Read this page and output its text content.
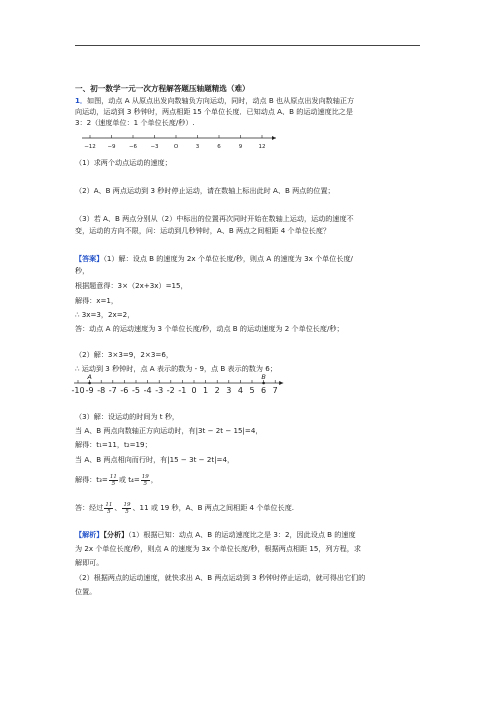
一、初一数学一元一次方程解答题压轴题精选（难）
1．如图，动点 A 从原点出发向数轴负方向运动，同时，动点 B 也从原点出发向数轴正方
向运动，运动到 3 秒钟时，两点相距 15 个单位长度．已知动点 A、B 的运动速度比之是
3：2（速度单位：1 个单位长度/秒）.
−12 −9 −6 −3	O	3	6	9	12
（1）求两个动点运动的速度；
（2）A、B 两点运动到 3 秒时停止运动，请在数轴上标出此时 A、B 两点的位置；
（3）若 A、B 两点分别从（2）中标出的位置再次同时开始在数轴上运动，运动的速度不
变，运动的方向不限，问：运动到几秒钟时，A、B 两点之间相距 4 个单位长度？
【答案】（1）解：设点 B 的速度为 2x 个单位长度/秒，则点 A 的速度为 3x 个单位长度/
秒，
根据题意得：3×（2x+3x）=15，
解得：x=1，
∴ 3x=3，2x=2，
答：动点 A 的运动速度为 3 个单位长度/秒，动点 B 的运动速度为 2 个单位长度/秒；
（2）解：3×3=9，2×3=6，
∴ 运动到 3 秒钟时，点 A 表示的数为 - 9，点 B 表示的数为 6；
-10 -9 -8 -7 -6 -5 -4 -3 -2 -1 0 1 2 3 4 5 6 7
A	B
（3）解：设运动的时间为 t 秒，
当 A、B 两点向数轴正方向运动时，有|3t − 2t − 15|=4，
解得：t₁=11，t₂=19；
当 A、B 两点相向而行时，有|15 − 3t − 2t|=4，
解得：$t_3= \frac{11}{5}$ 或 $t_4= \frac{19}{5}$ ，
答：经过 $\frac{11}{5}$ 、 $\frac{19}{5}$ 、11 或 19 秒，A、B 两点之间相距 4 个单位长度.
【解析】【分析】（1）根据已知：动点 A、B 的运动速度比之是 3：2，因此设点 B 的速度
为 2x 个单位长度/秒，则点 A 的速度为 3x 个单位长度/秒，根据两点相距 15，列方程，求
解即可。
（2）根据两点的运动速度，就快求出 A、B 两点运动到 3 秒钟时停止运动，就可得出它们的
位置。
